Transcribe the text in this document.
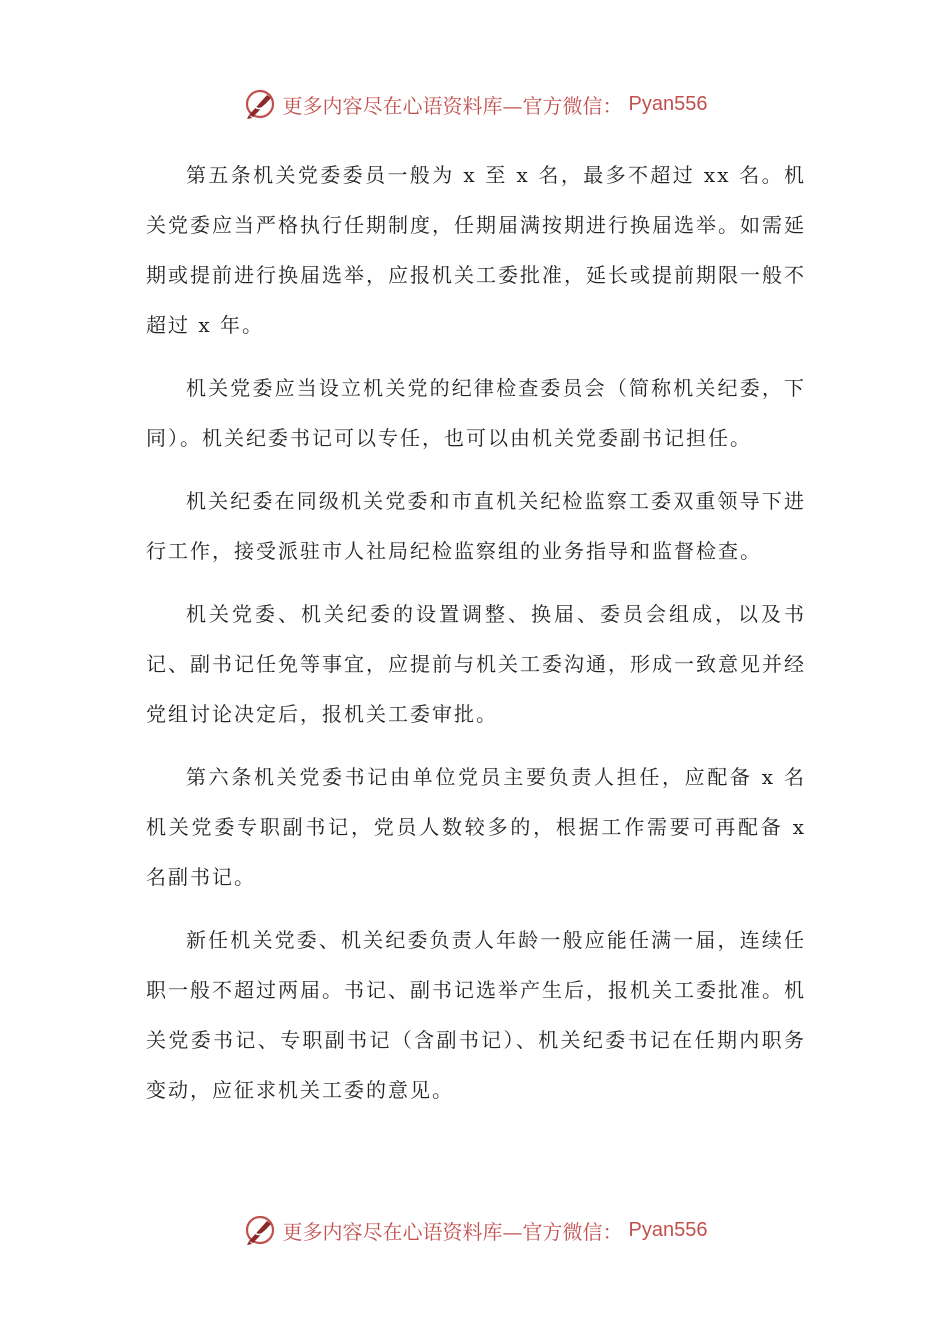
更多内容尽在心语资料库—官方微信： Pyan556

第五条机关党委委员一般为 x 至 x 名，最多不超过 xx 名。机关党委应当严格执行任期制度，任期届满按期进行换届选举。如需延期或提前进行换届选举，应报机关工委批准，延长或提前期限一般不超过 x 年。

机关党委应当设立机关党的纪律检查委员会（简称机关纪委，下同）。机关纪委书记可以专任，也可以由机关党委副书记担任。

机关纪委在同级机关党委和市直机关纪检监察工委双重领导下进行工作，接受派驻市人社局纪检监察组的业务指导和监督检查。

机关党委、机关纪委的设置调整、换届、委员会组成，以及书记、副书记任免等事宜，应提前与机关工委沟通，形成一致意见并经党组讨论决定后，报机关工委审批。

第六条机关党委书记由单位党员主要负责人担任，应配备 x 名机关党委专职副书记，党员人数较多的，根据工作需要可再配备 x 名副书记。

新任机关党委、机关纪委负责人年龄一般应能任满一届，连续任职一般不超过两届。书记、副书记选举产生后，报机关工委批准。机关党委书记、专职副书记（含副书记）、机关纪委书记在任期内职务变动，应征求机关工委的意见。

更多内容尽在心语资料库—官方微信： Pyan556
